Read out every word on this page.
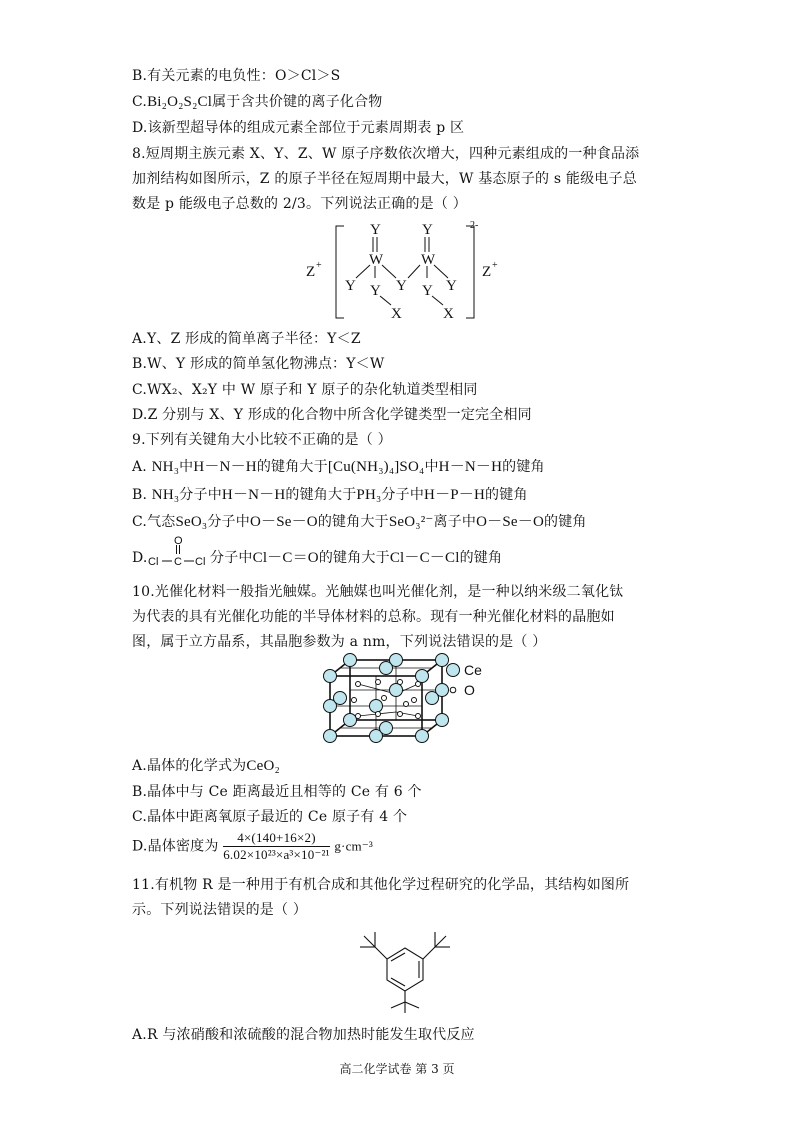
B.有关元素的电负性：O＞Cl＞S
C.Bi₂O₂S₂Cl属于含共价键的离子化合物
D.该新型超导体的组成元素全部位于元素周期表 p 区
8.短周期主族元素 X、Y、Z、W 原子序数依次增大，四种元素组成的一种食品添
加剂结构如图所示，Z 的原子半径在短周期中最大，W 基态原子的 s 能级电子总
数是 p 能级电子总数的 2/3。下列说法正确的是（ ）
Z +	Z +
2-
Y	Y
W	W
Y Y Y Y Y
X	X
A.Y、Z 形成的简单离子半径：Y＜Z
B.W、Y 形成的简单氢化物沸点：Y＜W
C.WX₂、X₂Y 中 W 原子和 Y 原子的杂化轨道类型相同
D.Z 分别与 X、Y 形成的化合物中所含化学键类型一定完全相同
9.下列有关键角大小比较不正确的是（ ）
A. NH₃中H－N－H的键角大于[Cu(NH₃)₄]SO₄中H－N－H的键角
B. NH₃分子中H－N－H的键角大于PH₃分子中H－P－H的键角
C.气态SeO₃分子中O－Se－O的键角大于SeO₃²⁻离子中O－Se－O的键角
D.
O
C
Cl	Cl 分子中Cl－C＝O的键角大于Cl－C－Cl的键角
10.光催化材料一般指光触媒。光触媒也叫光催化剂，是一种以纳米级二氧化钛
为代表的具有光催化功能的半导体材料的总称。现有一种光催化材料的晶胞如
图，属于立方晶系，其晶胞参数为 a nm，下列说法错误的是（ ）
Ce
O
A.晶体的化学式为CeO₂
B.晶体中与 Ce 距离最近且相等的 Ce 有 6 个
C.晶体中距离氧原子最近的 Ce 原子有 4 个
D.晶体密度为 $\frac{4\times(140+16\times 2)}{\text{6.02×10²³×a³×10⁻²¹}} g\cdot cm^{-3}$
11.有机物 R 是一种用于有机合成和其他化学过程研究的化学品，其结构如图所
示。下列说法错误的是（ ）
A.R 与浓硝酸和浓硫酸的混合物加热时能发生取代反应
高二化学试卷 第 3 页
